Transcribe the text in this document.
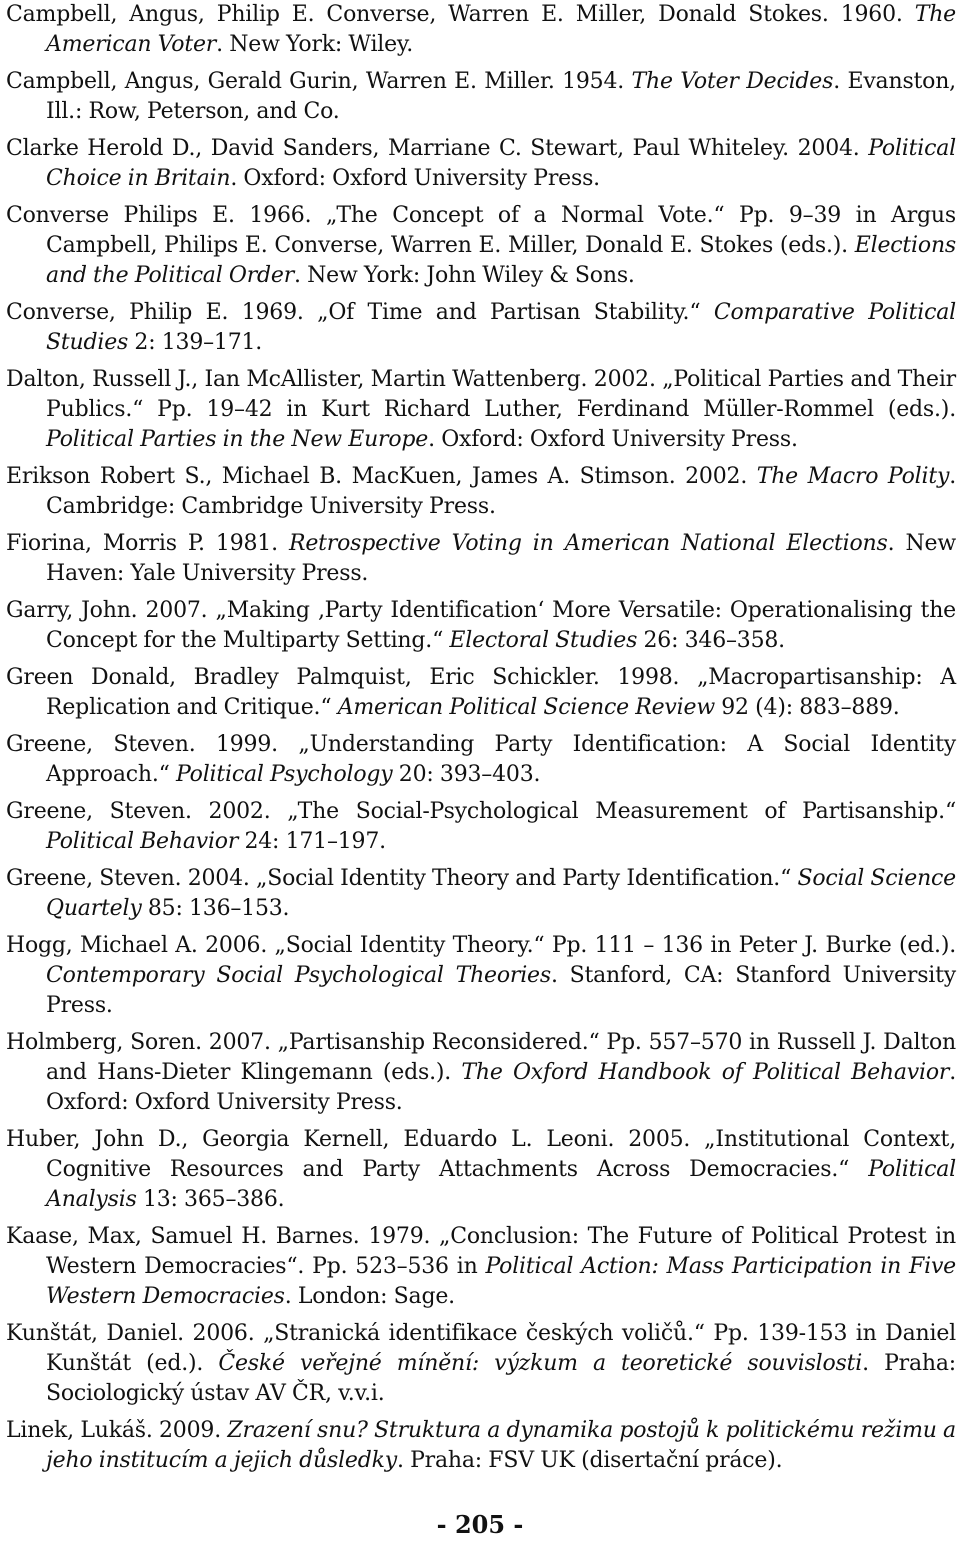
Campbell, Angus, Philip E. Converse, Warren E. Miller, Donald Stokes. 1960. The American Voter. New York: Wiley.

Campbell, Angus, Gerald Gurin, Warren E. Miller. 1954. The Voter Decides. Evanston, Ill.: Row, Peterson, and Co.

Clarke Herold D., David Sanders, Marriane C. Stewart, Paul Whiteley. 2004. Political Choice in Britain. Oxford: Oxford University Press.

Converse Philips E. 1966. „The Concept of a Normal Vote.“ Pp. 9–39 in Argus Campbell, Philips E. Converse, Warren E. Miller, Donald E. Stokes (eds.). Elections and the Political Order. New York: John Wiley & Sons.

Converse, Philip E. 1969. „Of Time and Partisan Stability.“ Comparative Political Studies 2: 139–171.

Dalton, Russell J., Ian McAllister, Martin Wattenberg. 2002. „Political Parties and Their Publics.“ Pp. 19–42 in Kurt Richard Luther, Ferdinand Müller-Rommel (eds.). Political Parties in the New Europe. Oxford: Oxford University Press.

Erikson Robert S., Michael B. MacKuen, James A. Stimson. 2002. The Macro Polity. Cambridge: Cambridge University Press.

Fiorina, Morris P. 1981. Retrospective Voting in American National Elections. New Haven: Yale University Press.

Garry, John. 2007. „Making ‚Party Identification‘ More Versatile: Operationalising the Concept for the Multiparty Setting.“ Electoral Studies 26: 346–358.

Green Donald, Bradley Palmquist, Eric Schickler. 1998. „Macropartisanship: A Replication and Critique.“ American Political Science Review 92 (4): 883–889.

Greene, Steven. 1999. „Understanding Party Identification: A Social Identity Approach.“ Political Psychology 20: 393–403.

Greene, Steven. 2002. „The Social-Psychological Measurement of Partisanship.“ Political Behavior 24: 171–197.

Greene, Steven. 2004. „Social Identity Theory and Party Identification.“ Social Science Quartely 85: 136–153.

Hogg, Michael A. 2006. „Social Identity Theory.“ Pp. 111 – 136 in Peter J. Burke (ed.). Contemporary Social Psychological Theories. Stanford, CA: Stanford University Press.

Holmberg, Soren. 2007. „Partisanship Reconsidered.“ Pp. 557–570 in Russell J. Dalton and Hans-Dieter Klingemann (eds.). The Oxford Handbook of Political Behavior. Oxford: Oxford University Press.

Huber, John D., Georgia Kernell, Eduardo L. Leoni. 2005. „Institutional Context, Cognitive Resources and Party Attachments Across Democracies.“ Political Analysis 13: 365–386.

Kaase, Max, Samuel H. Barnes. 1979. „Conclusion: The Future of Political Protest in Western Democracies“. Pp. 523–536 in Political Action: Mass Participation in Five Western Democracies. London: Sage.

Kunštát, Daniel. 2006. „Stranická identifikace českých voličů.“ Pp. 139-153 in Daniel Kunštát (ed.). České veřejné mínění: výzkum a teoretické souvislosti. Praha: Sociologický ústav AV ČR, v.v.i.

Linek, Lukáš. 2009. Zrazení snu? Struktura a dynamika postojů k politickému režimu a jeho institucím a jejich důsledky. Praha: FSV UK (disertační práce).

- 205 -
